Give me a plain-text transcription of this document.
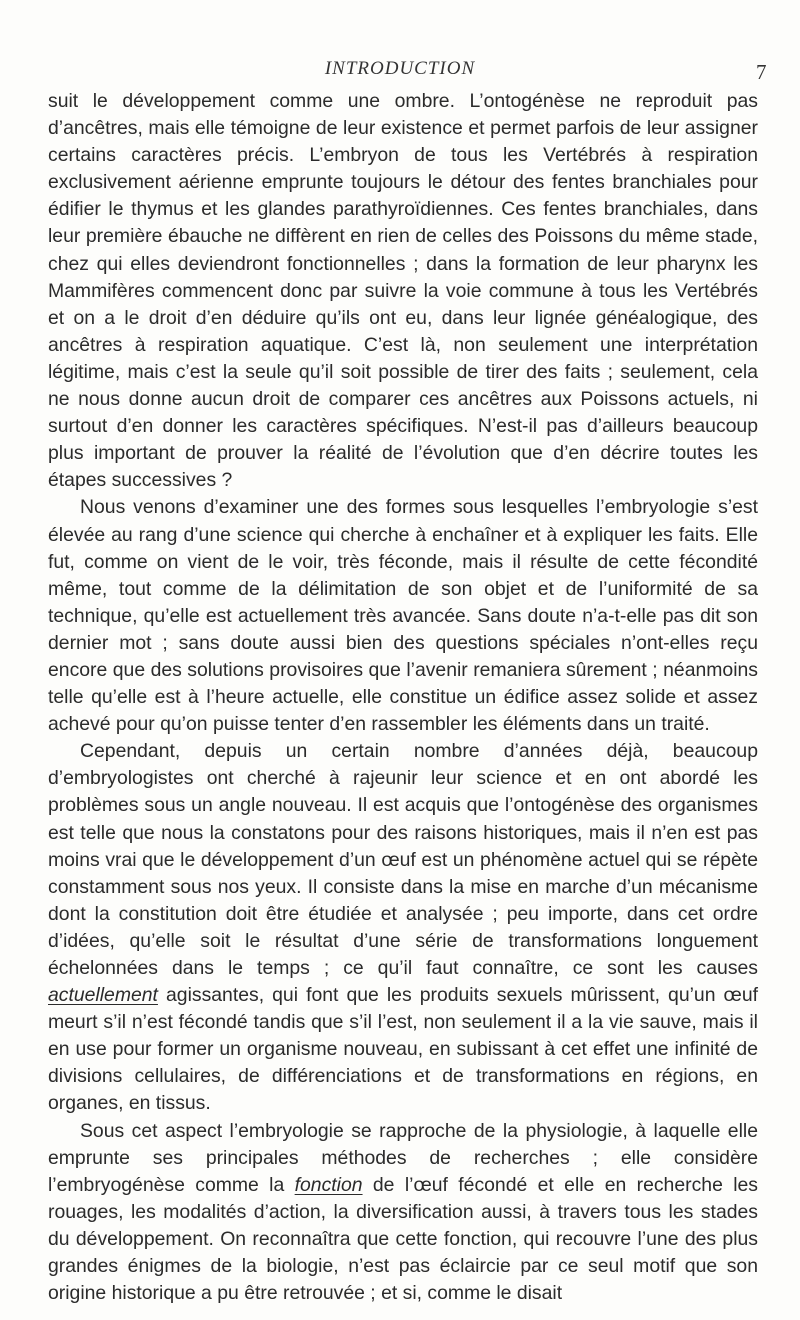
INTRODUCTION	7

suit le développement comme une ombre. L’ontogénèse ne reproduit pas d’ancêtres, mais elle témoigne de leur existence et permet parfois de leur assigner certains caractères précis. L’embryon de tous les Vertébrés à respiration exclusivement aérienne emprunte toujours le détour des fentes branchiales pour édifier le thymus et les glandes parathyroïdiennes. Ces fentes branchiales, dans leur première ébauche ne diffèrent en rien de celles des Poissons du même stade, chez qui elles deviendront fonctionnelles ; dans la formation de leur pharynx les Mammifères commencent donc par suivre la voie commune à tous les Vertébrés et on a le droit d’en déduire qu’ils ont eu, dans leur lignée généalogique, des ancêtres à respiration aquatique. C’est là, non seulement une interprétation légitime, mais c’est la seule qu’il soit possible de tirer des faits ; seulement, cela ne nous donne aucun droit de comparer ces ancêtres aux Poissons actuels, ni surtout d’en donner les caractères spécifiques. N’est-il pas d’ailleurs beaucoup plus important de prouver la réalité de l’évolution que d’en décrire toutes les étapes successives ?

Nous venons d’examiner une des formes sous lesquelles l’embryologie s’est élevée au rang d’une science qui cherche à enchaîner et à expliquer les faits. Elle fut, comme on vient de le voir, très féconde, mais il résulte de cette fécondité même, tout comme de la délimitation de son objet et de l’uniformité de sa technique, qu’elle est actuellement très avancée. Sans doute n’a-t-elle pas dit son dernier mot ; sans doute aussi bien des questions spéciales n’ont-elles reçu encore que des solutions provisoires que l’avenir remaniera sûrement ; néanmoins telle qu’elle est à l’heure actuelle, elle constitue un édifice assez solide et assez achevé pour qu’on puisse tenter d’en rassembler les éléments dans un traité.

Cependant, depuis un certain nombre d’années déjà, beaucoup d’embryologistes ont cherché à rajeunir leur science et en ont abordé les problèmes sous un angle nouveau. Il est acquis que l’ontogénèse des organismes est telle que nous la constatons pour des raisons historiques, mais il n’en est pas moins vrai que le développement d’un œuf est un phénomène actuel qui se répète constamment sous nos yeux. Il consiste dans la mise en marche d’un mécanisme dont la constitution doit être étudiée et analysée ; peu importe, dans cet ordre d’idées, qu’elle soit le résultat d’une série de transformations longuement échelonnées dans le temps ; ce qu’il faut connaître, ce sont les causes actuellement agissantes, qui font que les produits sexuels mûrissent, qu’un œuf meurt s’il n’est fécondé tandis que s’il l’est, non seulement il a la vie sauve, mais il en use pour former un organisme nouveau, en subissant à cet effet une infinité de divisions cellulaires, de différenciations et de transformations en régions, en organes, en tissus.

Sous cet aspect l’embryologie se rapproche de la physiologie, à laquelle elle emprunte ses principales méthodes de recherches ; elle considère l’embryogénèse comme la fonction de l’œuf fécondé et elle en recherche les rouages, les modalités d’action, la diversification aussi, à travers tous les stades du développement. On reconnaîtra que cette fonction, qui recouvre l’une des plus grandes énigmes de la biologie, n’est pas éclaircie par ce seul motif que son origine historique a pu être retrouvée ; et si, comme le disait
